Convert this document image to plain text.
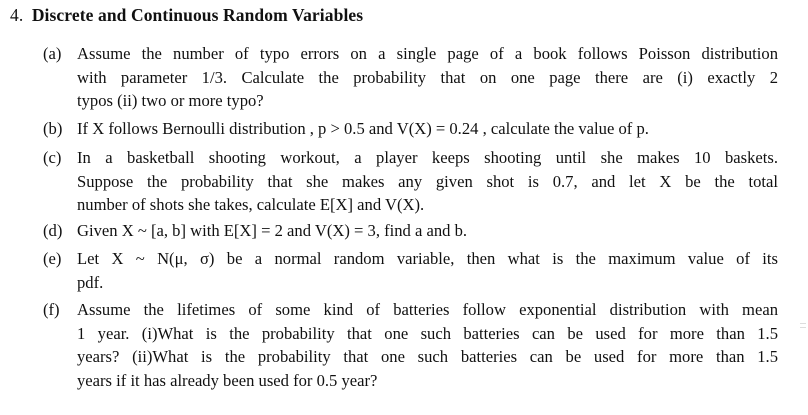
4. Discrete and Continuous Random Variables
(a) Assume the number of typo errors on a single page of a book follows Poisson distribution
with parameter 1/3. Calculate the probability that on one page there are (i) exactly 2
typos (ii) two or more typo?
(b) If X follows Bernoulli distribution , p > 0.5 and V(X) = 0.24 , calculate the value of p.
(c) In a basketball shooting workout, a player keeps shooting until she makes 10 baskets.
Suppose the probability that she makes any given shot is 0.7, and let X be the total
number of shots she takes, calculate E[X] and V(X).
(d) Given X ~ [a, b] with E[X] = 2 and V(X) = 3, find a and b.
(e) Let X ~ N(μ, σ) be a normal random variable, then what is the maximum value of its
pdf.
(f)	Assume the lifetimes of some kind of batteries follow exponential distribution with mean
1 year. (i)What is the probability that one such batteries can be used for more than 1.5
years? (ii)What is the probability that one such batteries can be used for more than 1.5
years if it has already been used for 0.5 year?
